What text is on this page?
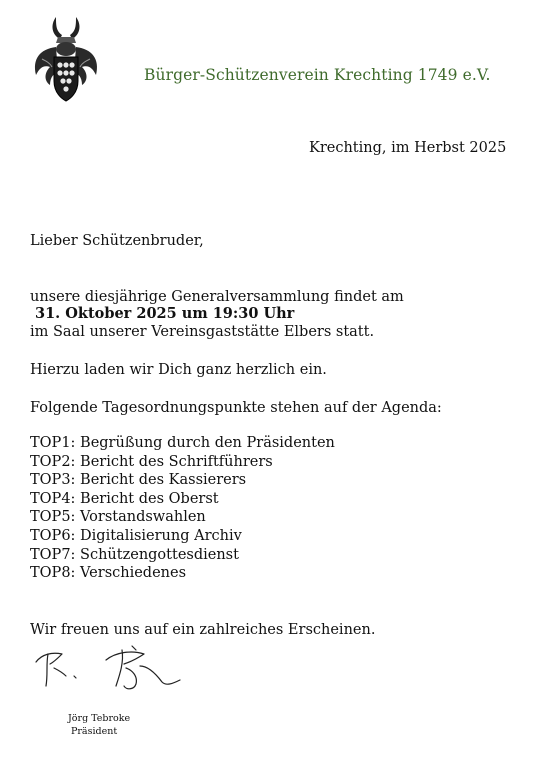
Bürger-Schützenverein Krechting 1749 e.V.
Krechting, im Herbst 2025
Lieber Schützenbruder,
unsere diesjährige Generalversammlung findet am
31. Oktober 2025 um 19:30 Uhr
im Saal unserer Vereinsgaststätte Elbers statt.
Hierzu laden wir Dich ganz herzlich ein.
Folgende Tagesordnungspunkte stehen auf der Agenda:
TOP1: Begrüßung durch den Präsidenten
TOP2: Bericht des Schriftführers
TOP3: Bericht des Kassierers
TOP4: Bericht des Oberst
TOP5: Vorstandswahlen
TOP6: Digitalisierung Archiv
TOP7: Schützengottesdienst
TOP8: Verschiedenes
Wir freuen uns auf ein zahlreiches Erscheinen.
Jörg Tebroke
Präsident
